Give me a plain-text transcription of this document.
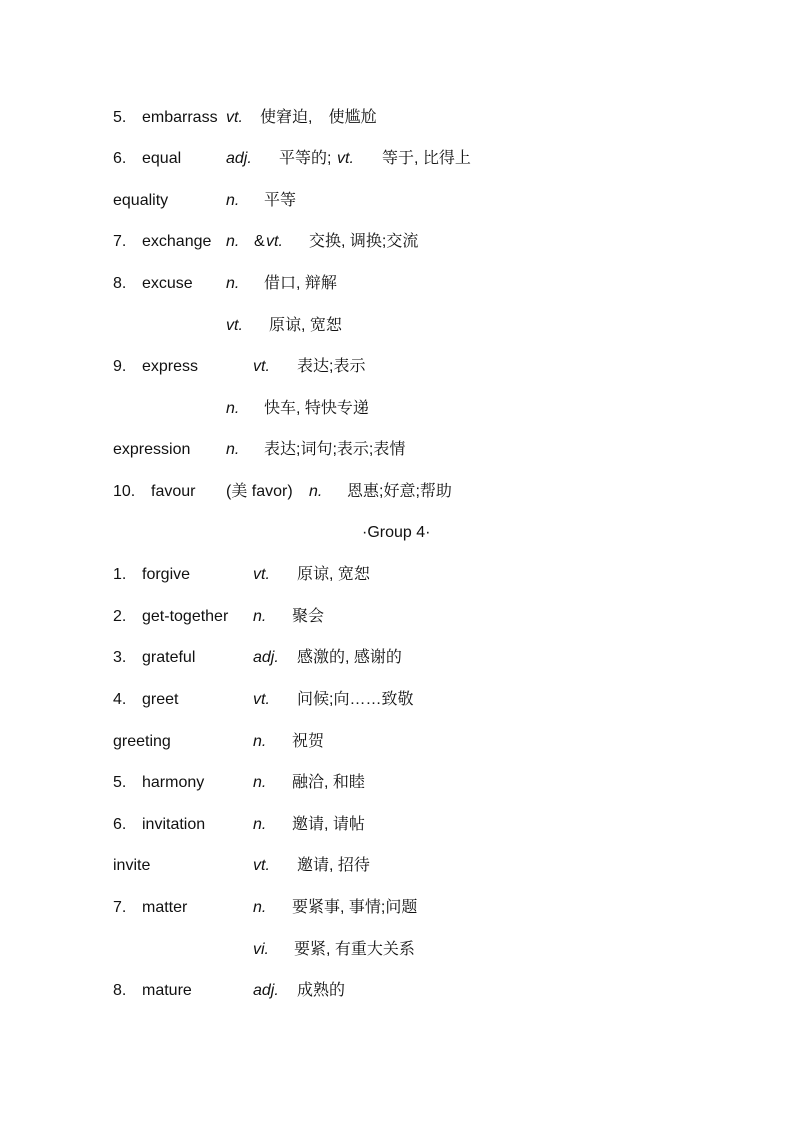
5. embarrass vt. 使窘迫,　使尴尬
6. equal	adj. 平等的; vt. 等于, 比得上
equality	n. 平等
7. exchange n. & vt. 交换, 调换;交流
8. excuse n. 借口, 辩解
vt. 原谅, 宽恕
9. express	vt. 表达;表示
n. 快车, 特快专递
expression n. 表达;词句;表示;表情
10. favour (美 favor) n. 恩惠;好意;帮助
·Group 4·
1. forgive	vt. 原谅, 宽恕
2. get-together n. 聚会
3. grateful	adj. 感激的, 感谢的
4. greet	vt. 问候;向……致敬
greeting	n. 祝贺
5. harmony	n. 融洽, 和睦
6. invitation	n. 邀请, 请帖
invite	vt. 邀请, 招待
7. matter	n. 要紧事, 事情;问题
vi. 要紧, 有重大关系
8. mature	adj. 成熟的
